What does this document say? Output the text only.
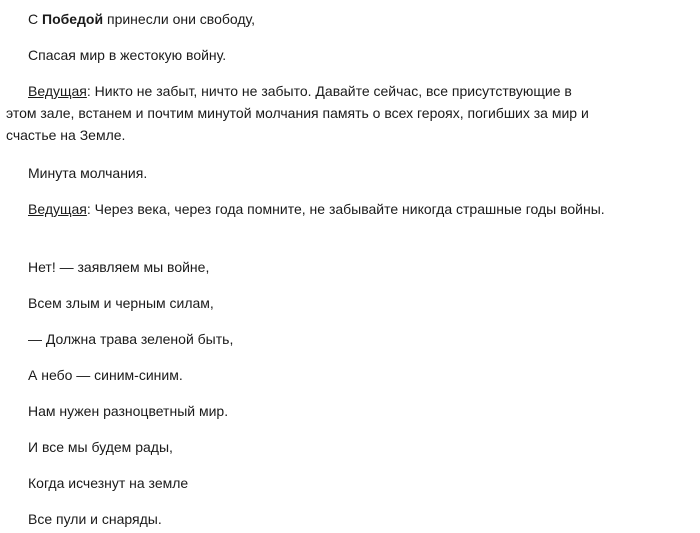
С Победой принесли они свободу,

Спасая мир в жестокую войну.

Ведущая: Никто не забыт, ничто не забыто. Давайте сейчас, все присутствующие в этом зале, встанем и почтим минутой молчания память о всех героях, погибших за мир и счастье на Земле.

Минута молчания.

Ведущая: Через века, через года помните, не забывайте никогда страшные годы войны.

Нет! — заявляем мы войне,

Всем злым и черным силам,

— Должна трава зеленой быть,

А небо — синим-синим.

Нам нужен разноцветный мир.

И все мы будем рады,

Когда исчезнут на земле

Все пули и снаряды.
